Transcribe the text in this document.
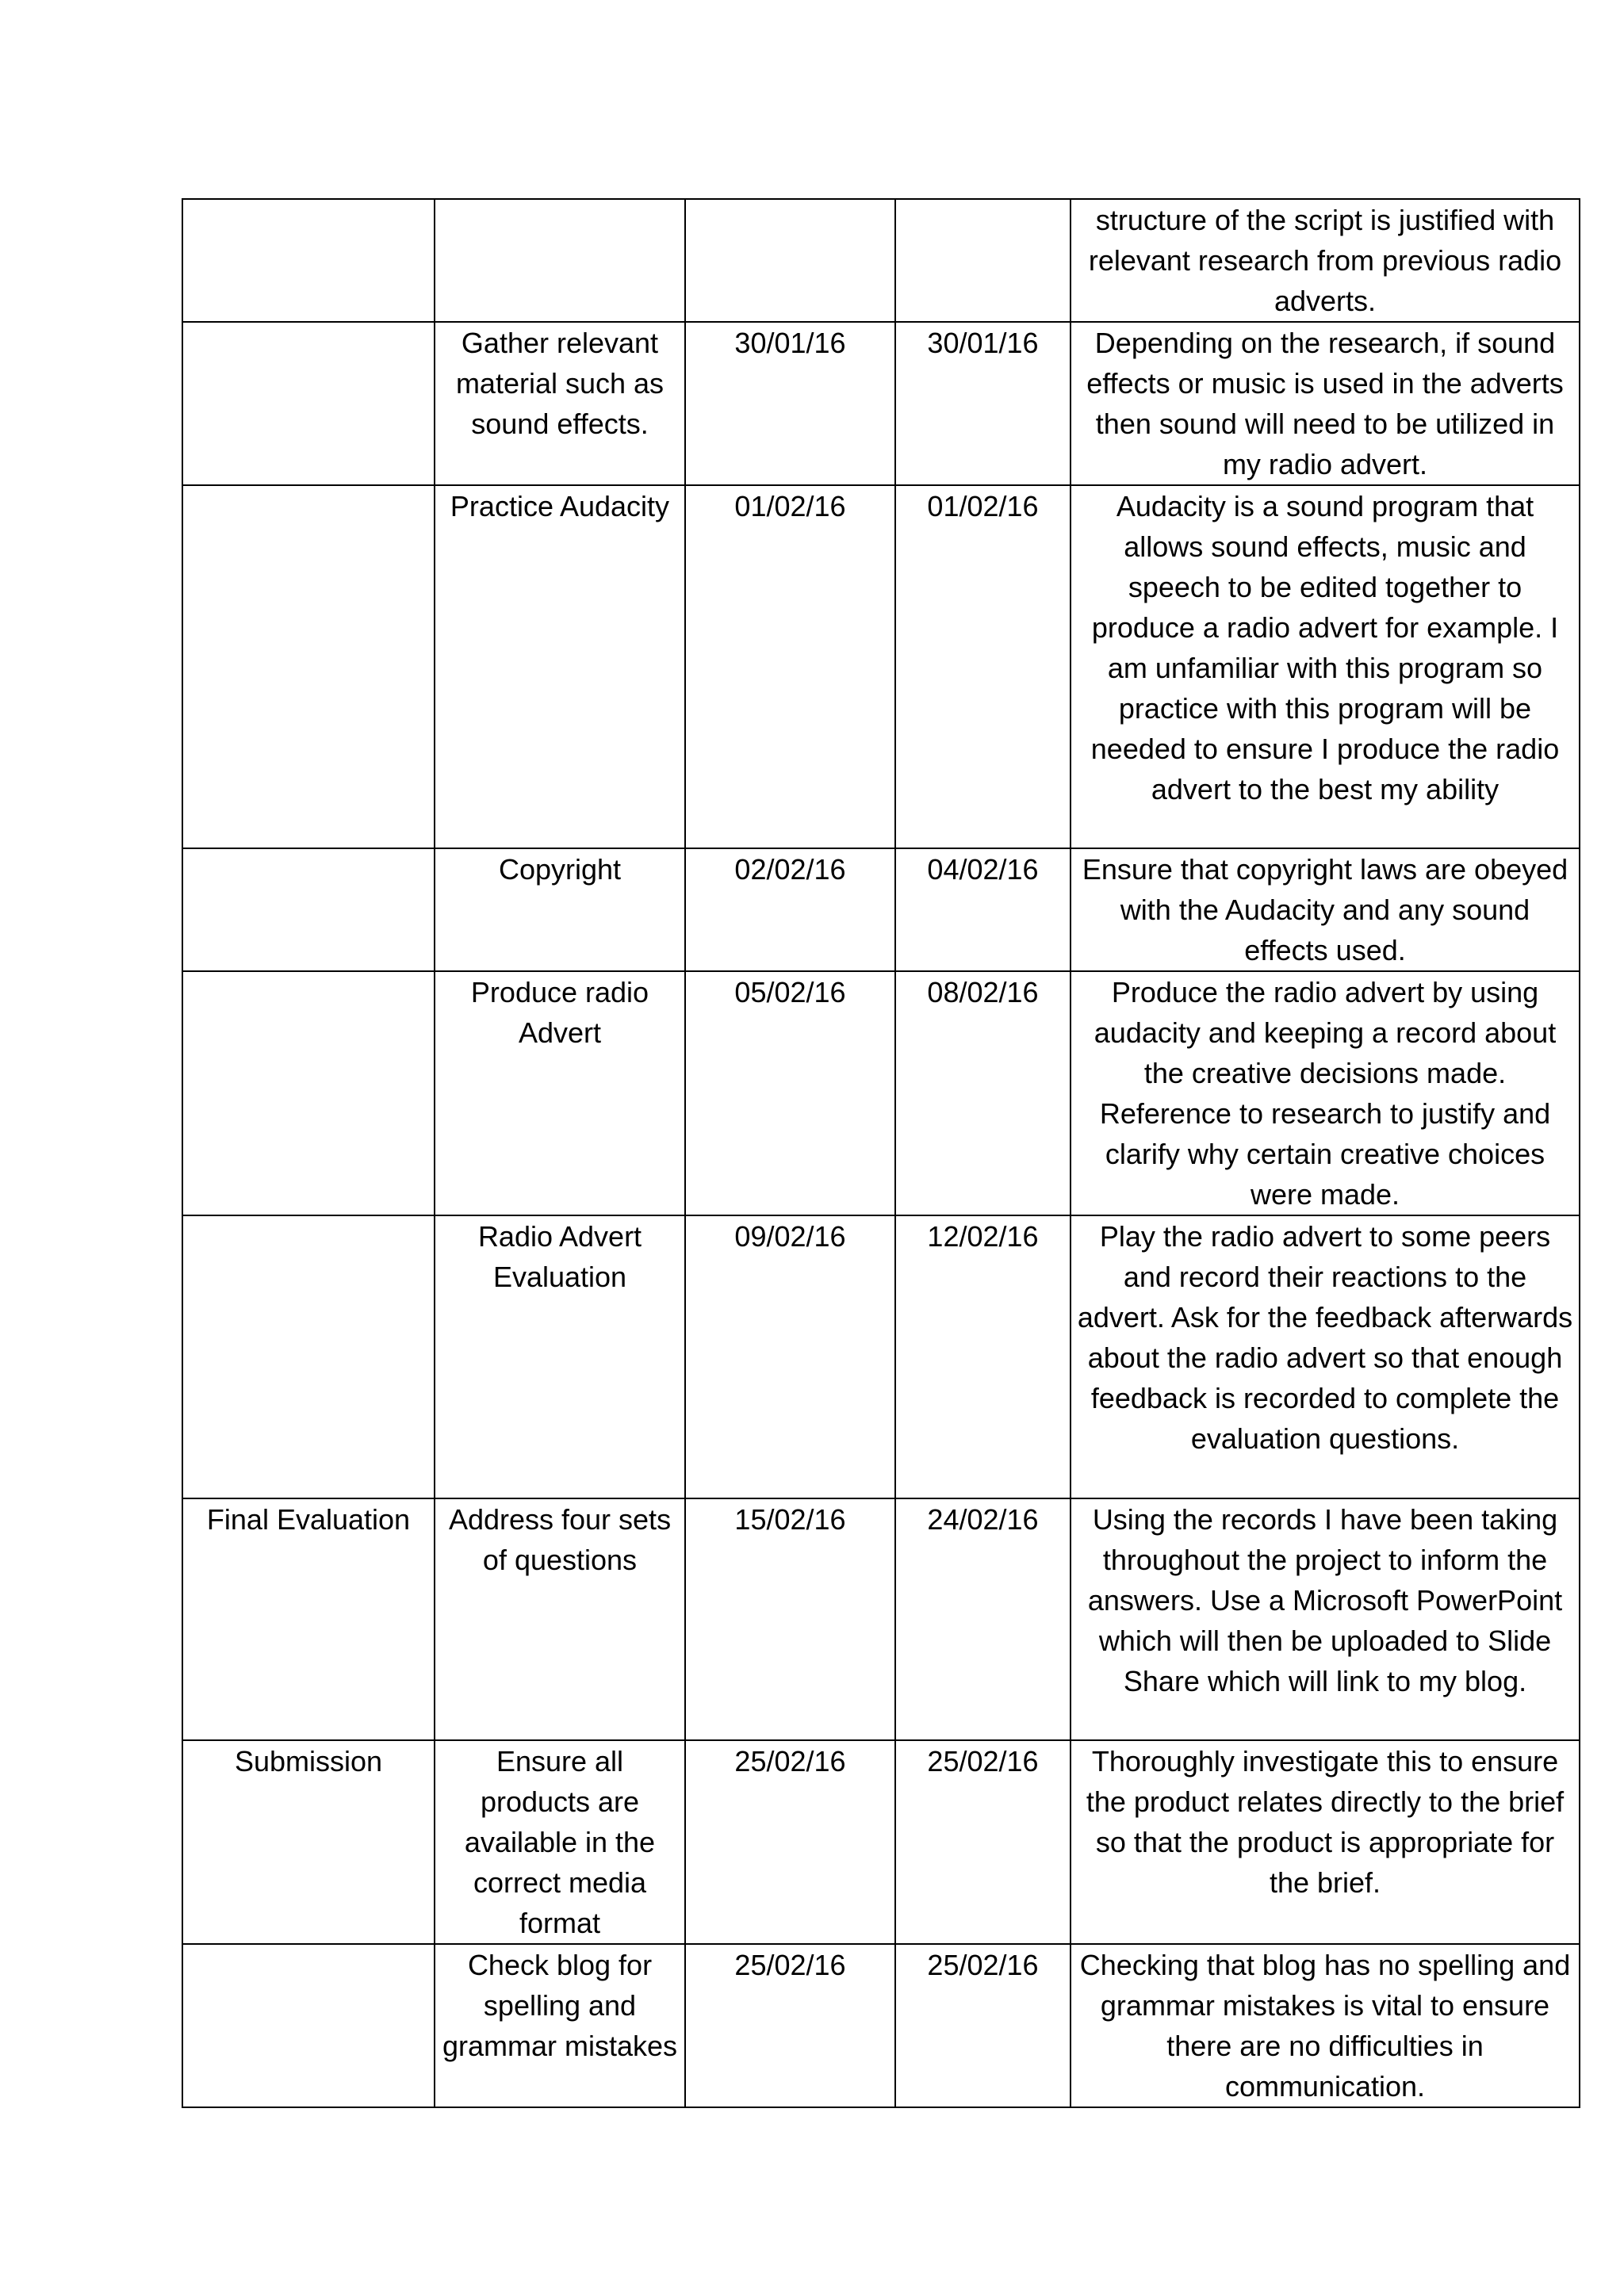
				structure of the script is justified with relevant research from previous radio adverts.
	Gather relevant material such as sound effects.	30/01/16	30/01/16	Depending on the research, if sound effects or music is used in the adverts then sound will need to be utilized in my radio advert.
	Practice Audacity	01/02/16	01/02/16	Audacity is a sound program that allows sound effects, music and speech to be edited together to produce a radio advert for example. I am unfamiliar with this program so practice with this program will be needed to ensure I produce the radio advert to the best my ability
	Copyright	02/02/16	04/02/16	Ensure that copyright laws are obeyed with the Audacity and any sound effects used.
	Produce radio Advert	05/02/16	08/02/16	Produce the radio advert by using audacity and keeping a record about the creative decisions made. Reference to research to justify and clarify why certain creative choices were made.
	Radio Advert Evaluation	09/02/16	12/02/16	Play the radio advert to some peers and record their reactions to the advert. Ask for the feedback afterwards about the radio advert so that enough feedback is recorded to complete the evaluation questions.
Final Evaluation	Address four sets of questions	15/02/16	24/02/16	Using the records I have been taking throughout the project to inform the answers. Use a Microsoft PowerPoint which will then be uploaded to Slide Share which will link to my blog.
Submission	Ensure all products are available in the correct media format	25/02/16	25/02/16	Thoroughly investigate this to ensure the product relates directly to the brief so that the product is appropriate for the brief.
	Check blog for spelling and grammar mistakes	25/02/16	25/02/16	Checking that blog has no spelling and grammar mistakes is vital to ensure there are no difficulties in communication.
